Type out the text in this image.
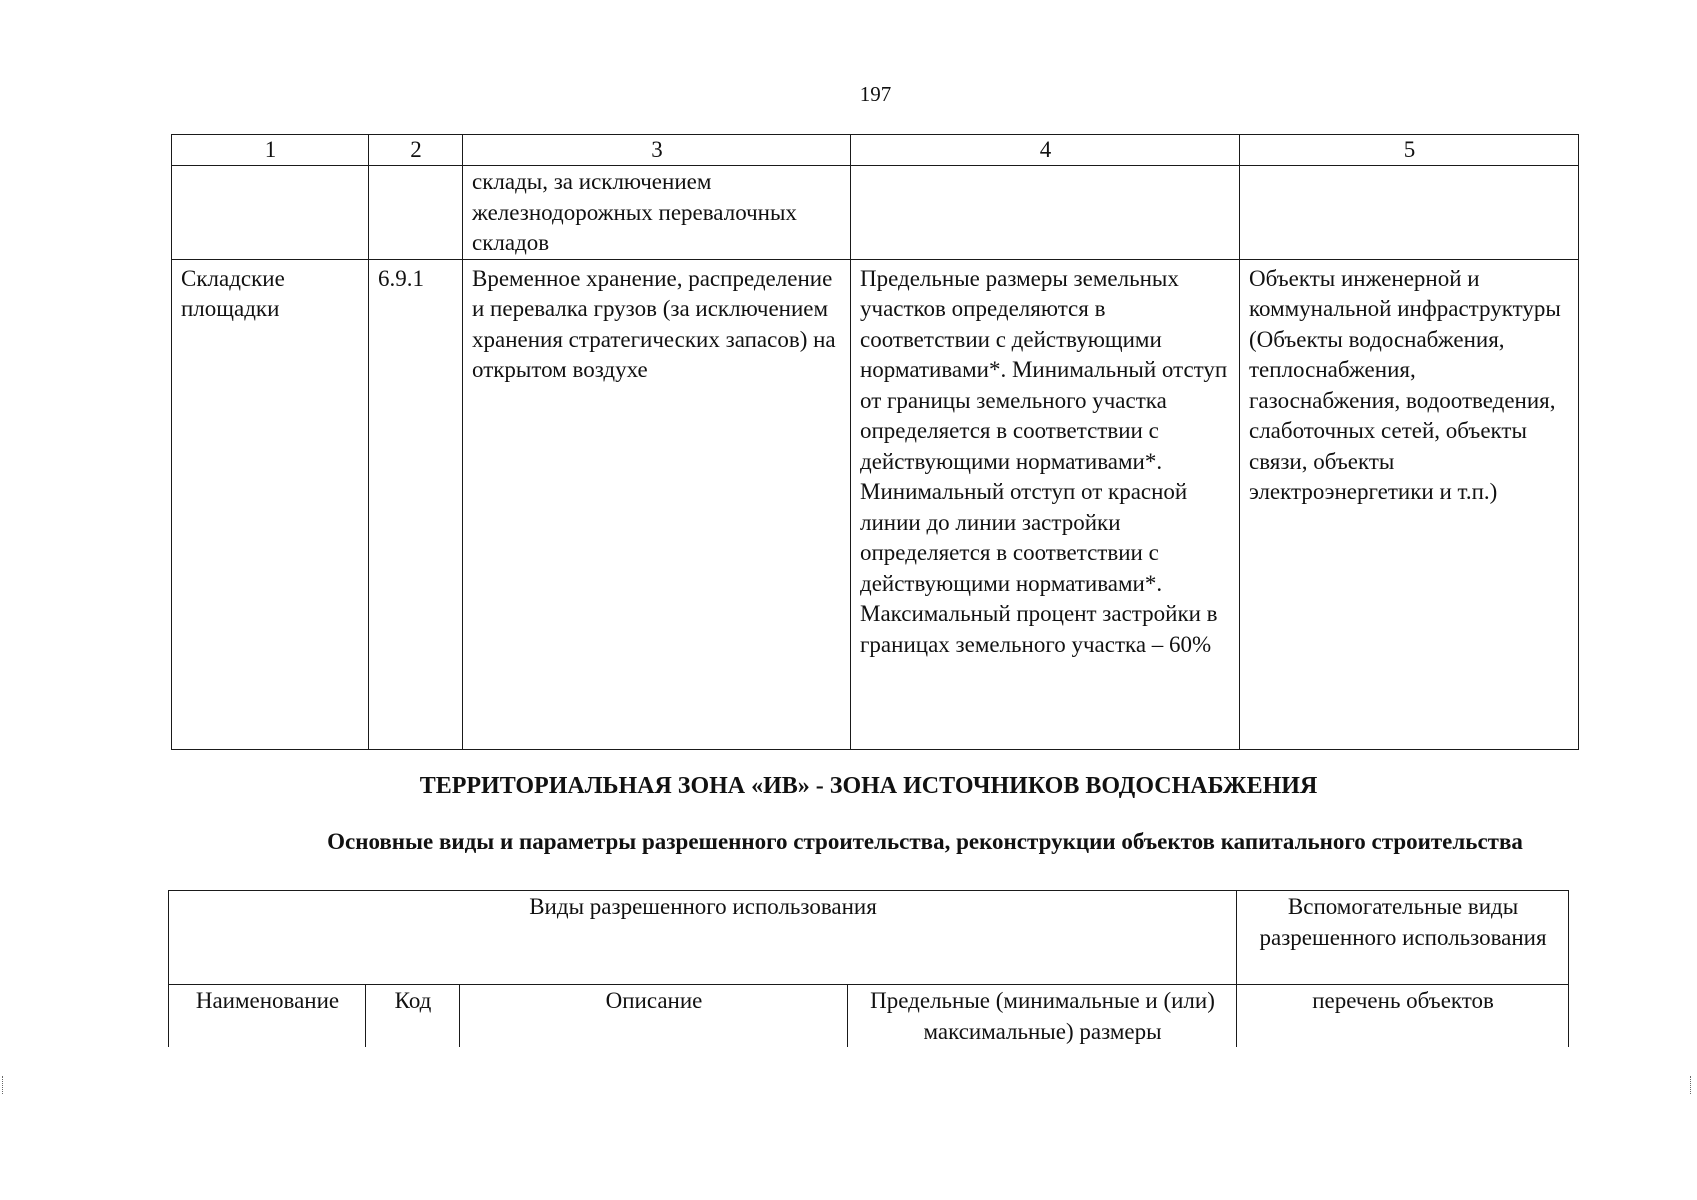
197
1	2	3	4	5
		склады, за исключением железнодорожных перевалочных складов		
Складские площадки	6.9.1	Временное хранение, распределение и перевалка грузов (за исключением хранения стратегических запасов) на открытом воздухе	Предельные размеры земельных участков определяются в соответствии с действующими нормативами*. Минимальный отступ от границы земельного участка определяется в соответствии с действующими нормативами*. Минимальный отступ от красной линии до линии застройки определяется в соответствии с действующими нормативами*. Максимальный процент застройки в границах земельного участка – 60%	Объекты инженерной и коммунальной инфраструктуры (Объекты водоснабжения, теплоснабжения, газоснабжения, водоотведения, слаботочных сетей, объекты связи, объекты электроэнергетики и т.п.)
ТЕРРИТОРИАЛЬНАЯ ЗОНА «ИВ» - ЗОНА ИСТОЧНИКОВ ВОДОСНАБЖЕНИЯ
Основные виды и параметры разрешенного строительства, реконструкции объектов капитального строительства
Виды разрешенного использования				Вспомогательные виды разрешенного использования
Наименование	Код	Описание	Предельные (минимальные и (или) максимальные) размеры	перечень объектов
